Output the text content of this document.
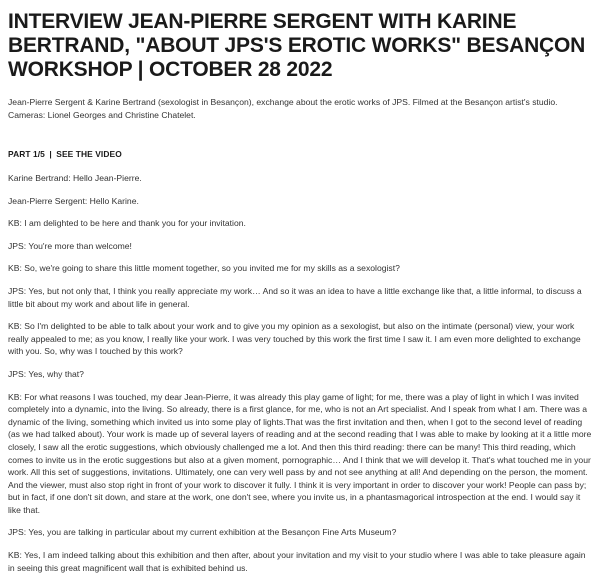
INTERVIEW JEAN-PIERRE SERGENT WITH KARINE BERTRAND, "ABOUT JPS'S EROTIC WORKS" BESANÇON WORKSHOP | OCTOBER 28 2022

Jean-Pierre Sergent & Karine Bertrand (sexologist in Besançon), exchange about the erotic works of JPS. Filmed at the Besançon artist's studio. Cameras: Lionel Georges and Christine Chatelet.

PART 1/5 | SEE THE VIDEO

Karine Bertrand: Hello Jean-Pierre.

Jean-Pierre Sergent: Hello Karine.

KB: I am delighted to be here and thank you for your invitation.

JPS: You're more than welcome!

KB: So, we're going to share this little moment together, so you invited me for my skills as a sexologist?

JPS: Yes, but not only that, I think you really appreciate my work… And so it was an idea to have a little exchange like that, a little informal, to discuss a little bit about my work and about life in general.

KB: So I'm delighted to be able to talk about your work and to give you my opinion as a sexologist, but also on the intimate (personal) view, your work really appealed to me; as you know, I really like your work. I was very touched by this work the first time I saw it. I am even more delighted to exchange with you. So, why was I touched by this work?

JPS: Yes, why that?

KB: For what reasons I was touched, my dear Jean-Pierre, it was already this play game of light; for me, there was a play of light in which I was invited completely into a dynamic, into the living. So already, there is a first glance, for me, who is not an Art specialist. And I speak from what I am. There was a dynamic of the living, something which invited us into some play of lights.That was the first invitation and then, when I got to the second level of reading (as we had talked about). Your work is made up of several layers of reading and at the second reading that I was able to make by looking at it a little more closely, I saw all the erotic suggestions, which obviously challenged me a lot. And then this third reading: there can be many! This third reading, which comes to invite us in the erotic suggestions but also at a given moment, pornographic… And I think that we will develop it. That's what touched me in your work. All this set of suggestions, invitations. Ultimately, one can very well pass by and not see anything at all! And depending on the person, the moment. And the viewer, must also stop right in front of your work to discover it fully. I think it is very important in order to discover your work! People can pass by; but in fact, if one don't sit down, and stare at the work, one don't see, where you invite us, in a phantasmagorical introspection at the end. I would say it like that.

JPS: Yes, you are talking in particular about my current exhibition at the Besançon Fine Arts Museum?

KB: Yes, I am indeed talking about this exhibition and then after, about your invitation and my visit to your studio where I was able to take pleasure again in seeing this great magnificent wall that is exhibited behind us.
